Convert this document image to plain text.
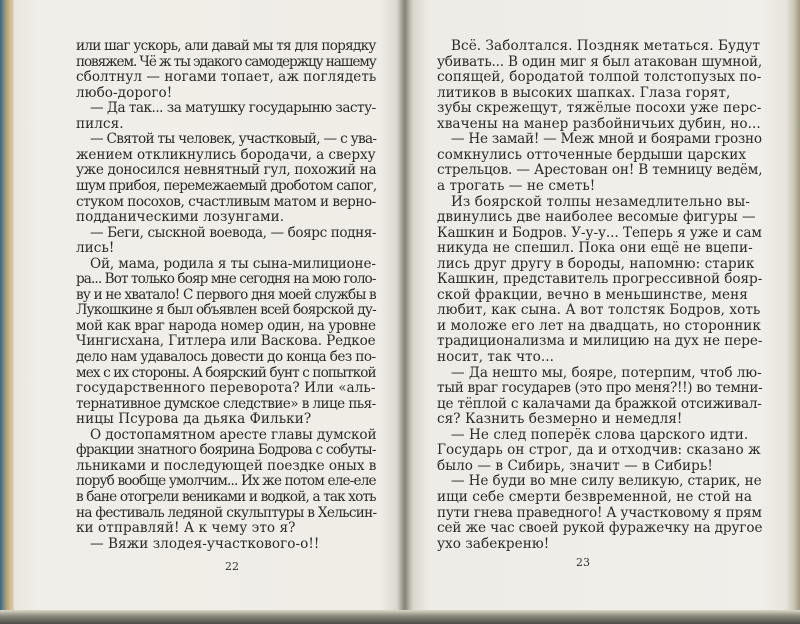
22
или шаг ускорь, али давай мы тя для порядку
повяжем. Чё ж ты эдакого самодержцу нашему
сболтнул — ногами топает, аж поглядеть
любо-дорого!
— Да так... за матушку государыню засту-
пился.
— Святой ты человек, участковый, — с ува-
жением откликнулись бородачи, а сверху
уже доносился невнятный гул, похожий на
шум прибоя, перемежаемый дроботом сапог,
стуком посохов, счастливым матом и верно-
подданическими лозунгами.
— Беги, сыскной воевода, — боярс подня-
лись!
Ой, мама, родила я ты сына-милиционе-
ра... Вот только бояр мне сегодня на мою голо-
ву и не хватало! С первого дня моей службы в
Лукошкине я был объявлен всей боярской ду-
мой как враг народа номер один, на уровне
Чингисхана, Гитлера или Васкова. Редкое
дело нам удавалось довести до конца без по-
мех с их стороны. А боярский бунт с попыткой
государственного переворота? Или «аль-
тернативное думское следствие» в лице пья-
ницы Псурова да дьяка Фильки?
О достопамятном аресте главы думской
фракции знатного боярина Бодрова с собуты-
льниками и последующей поездке оных в
поруб вообще умолчим... Их же потом еле-еле
в бане отогрели вениками и водкой, а так хоть
на фестиваль ледяной скульптуры в Хельсин-
ки отправляй! А к чему это я?
— Вяжи злодея-участкового-о!!
23
Всё. Заболтался. Поздняк метаться. Будут
убивать... В один миг я был атакован шумной,
сопящей, бородатой толпой толстопузых по-
литиков в высоких шапках. Глаза горят,
зубы скрежещут, тяжёлые посохи уже перс-
хвачены на манер разбойничьих дубин, но...
— Не замай! — Меж мной и боярами грозно
сомкнулись отточенные бердыши царских
стрельцов. — Арестован он! В темницу ведём,
а трогать — не сметь!
Из боярской толпы незамедлительно вы-
двинулись две наиболее весомые фигуры —
Кашкин и Бодров. У-у-у... Теперь я уже и сам
никуда не спешил. Пока они ещё не вцепи-
лись друг другу в бороды, напомню: старик
Кашкин, представитель прогрессивной бояр-
ской фракции, вечно в меньшинстве, меня
любит, как сына. А вот толстяк Бодров, хоть
и моложе его лет на двадцать, но сторонник
традиционализма и милицию на дух не пере-
носит, так что...
— Да нешто мы, бояре, потерпим, чтоб лю-
тый враг государев (это про меня?!!) во темни-
це тёплой с калачами да бражкой отсиживал-
ся? Казнить безмерно и немедля!
— Не след поперёк слова царского идти.
Государь он строг, да и отходчив: сказано ж
было — в Сибирь, значит — в Сибирь!
— Не буди во мне силу великую, старик, не
ищи себе смерти безвременной, не стой на
пути гнева праведного! А участковому я прям
сей же час своей рукой фуражечку на другое
ухо забекреню!
